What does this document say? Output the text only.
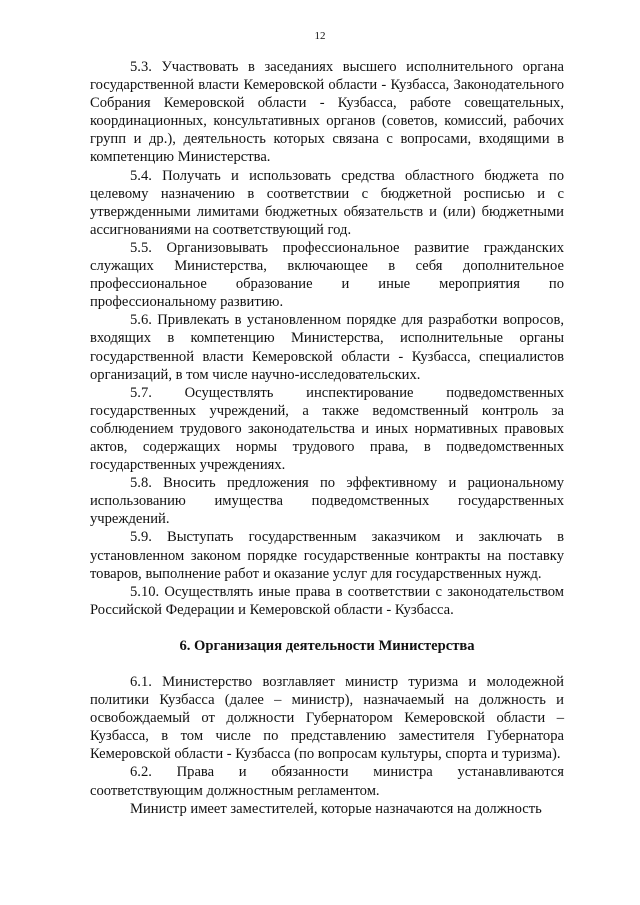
12

5.3. Участвовать в заседаниях высшего исполнительного органа государственной власти Кемеровской области - Кузбасса, Законодательного Собрания Кемеровской области - Кузбасса, работе совещательных, координационных, консультативных органов (советов, комиссий, рабочих групп и др.), деятельность которых связана с вопросами, входящими в компетенцию Министерства.

5.4. Получать и использовать средства областного бюджета по целевому назначению в соответствии с бюджетной росписью и с утвержденными лимитами бюджетных обязательств и (или) бюджетными ассигнованиями на соответствующий год.

5.5. Организовывать профессиональное развитие гражданских служащих Министерства, включающее в себя дополнительное профессиональное образование и иные мероприятия по профессиональному развитию.

5.6. Привлекать в установленном порядке для разработки вопросов, входящих в компетенцию Министерства, исполнительные органы государственной власти Кемеровской области - Кузбасса, специалистов организаций, в том числе научно-исследовательских.

5.7. Осуществлять инспектирование подведомственных государственных учреждений, а также ведомственный контроль за соблюдением трудового законодательства и иных нормативных правовых актов, содержащих нормы трудового права, в подведомственных государственных учреждениях.

5.8. Вносить предложения по эффективному и рациональному использованию имущества подведомственных государственных учреждений.

5.9. Выступать государственным заказчиком и заключать в установленном законом порядке государственные контракты на поставку товаров, выполнение работ и оказание услуг для государственных нужд.

5.10. Осуществлять иные права в соответствии с законодательством Российской Федерации и Кемеровской области - Кузбасса.

6. Организация деятельности Министерства

6.1. Министерство возглавляет министр туризма и молодежной политики Кузбасса (далее – министр), назначаемый на должность и освобождаемый от должности Губернатором Кемеровской области – Кузбасса, в том числе по представлению заместителя Губернатора Кемеровской области - Кузбасса (по вопросам культуры, спорта и туризма).

6.2. Права и обязанности министра устанавливаются соответствующим должностным регламентом.

Министр имеет заместителей, которые назначаются на должность
